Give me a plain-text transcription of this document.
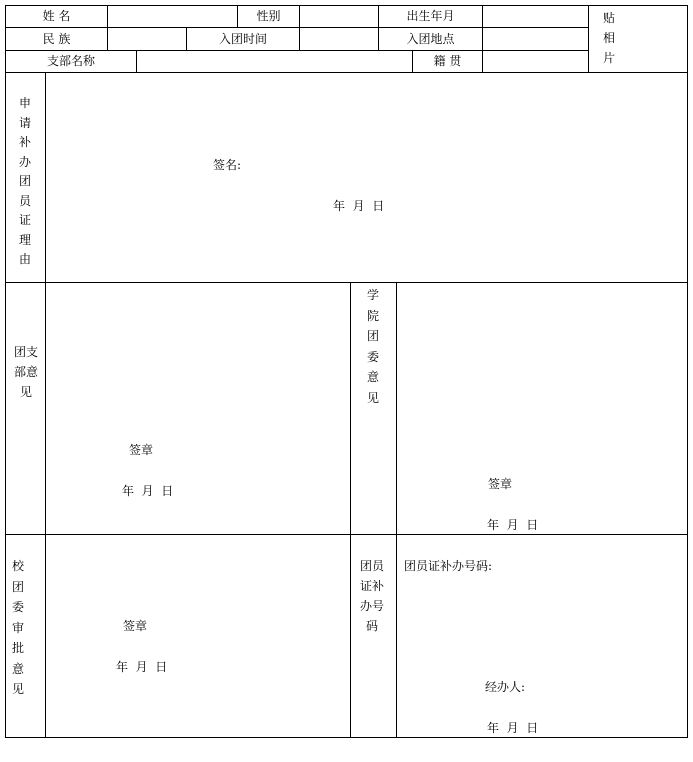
姓 名	性别	出生年月	贴相片
民 族	入团时间	入团地点
支部名称	籍 贯
申请补办团员证理由
签名:
年  月  日
团支部意见
签章
年  月  日
学院团委意见
签章
年  月  日
校团委审批意见
签章
年  月  日
团员证补办号码
团员证补办号码:
经办人:
年  月  日
